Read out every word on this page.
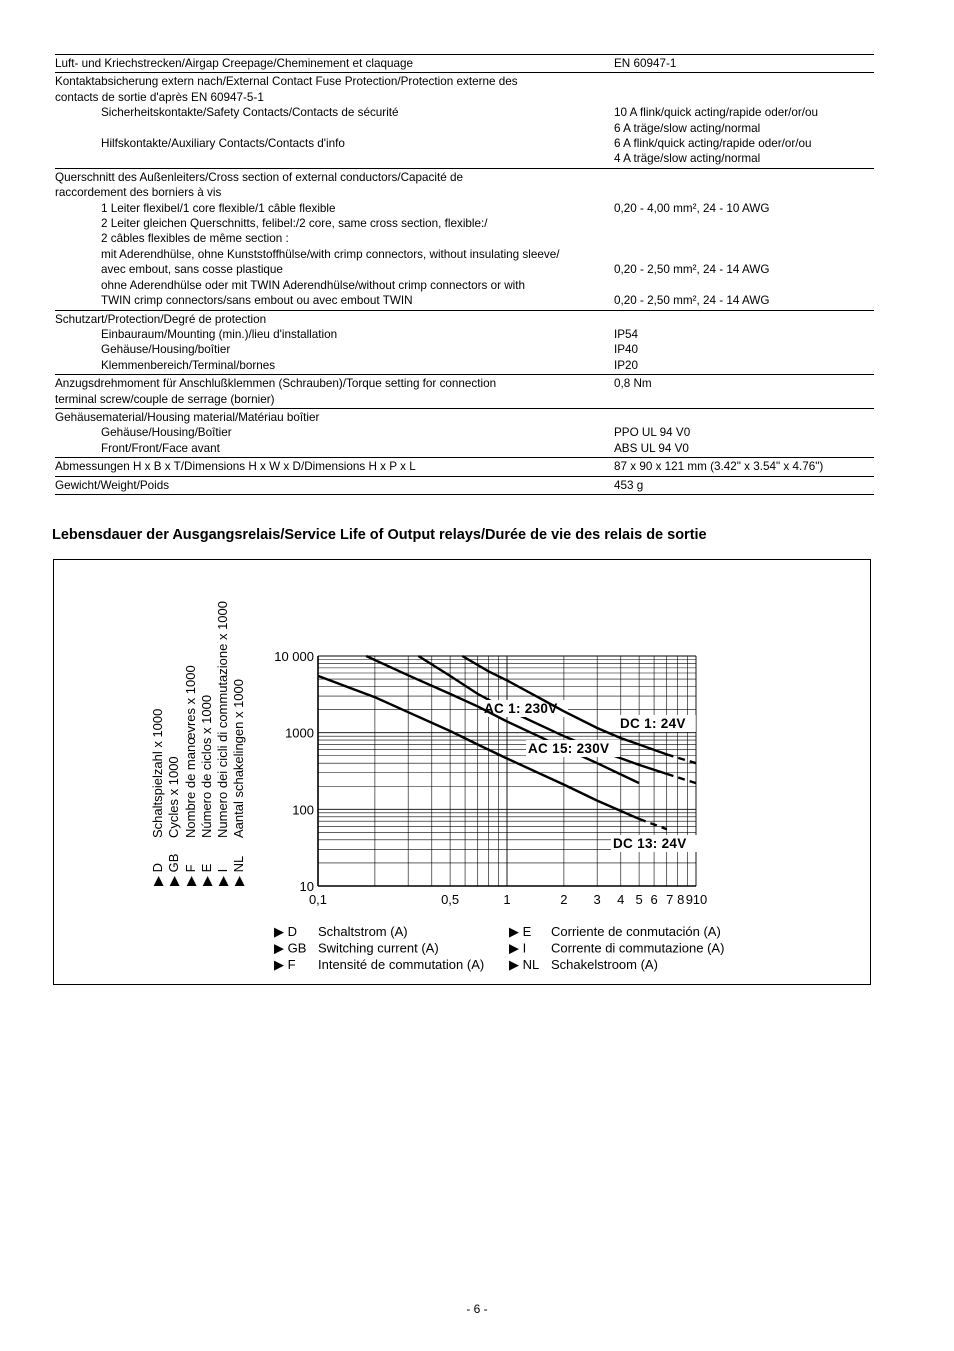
Luft- und Kriechstrecken/Airgap Creepage/Cheminement et claquage	EN 60947-1
Kontaktabsicherung extern nach/External Contact Fuse Protection/Protection externe des
contacts de sortie d'après EN 60947-5-1
Sicherheitskontakte/Safety Contacts/Contacts de sécurité	10 A flink/quick acting/rapide oder/or/ou
6 A träge/slow acting/normal
Hilfskontakte/Auxiliary Contacts/Contacts d'info	6 A flink/quick acting/rapide oder/or/ou
4 A träge/slow acting/normal
Querschnitt des Außenleiters/Cross section of external conductors/Capacité de
raccordement des borniers à vis
1 Leiter flexibel/1 core flexible/1 câble flexible	0,20 - 4,00 mm², 24 - 10 AWG
2 Leiter gleichen Querschnitts, felibel:/2 core, same cross section, flexible:/
2 câbles flexibles de même section :
mit Aderendhülse, ohne Kunststoffhülse/with crimp connectors, without insulating sleeve/
avec embout, sans cosse plastique	0,20 - 2,50 mm², 24 - 14 AWG
ohne Aderendhülse oder mit TWIN Aderendhülse/without crimp connectors or with
TWIN crimp connectors/sans embout ou avec embout TWIN	0,20 - 2,50 mm², 24 - 14 AWG
Schutzart/Protection/Degré de protection
Einbauraum/Mounting (min.)/lieu d'installation	IP54
Gehäuse/Housing/boîtier	IP40
Klemmenbereich/Terminal/bornes	IP20
Anzugsdrehmoment für Anschlußklemmen (Schrauben)/Torque setting for connection	0,8 Nm
terminal screw/couple de serrage (bornier)
Gehäusematerial/Housing material/Matériau boîtier
Gehäuse/Housing/Boîtier	PPO UL 94 V0
Front/Front/Face avant	ABS UL 94 V0
Abmessungen H x B x T/Dimensions H x W x D/Dimensions H x P x L	87 x 90 x 121 mm (3.42" x 3.54" x 4.76")
Gewicht/Weight/Poids	453 g
Lebensdauer der Ausgangsrelais/Service Life of Output relays/Durée de vie des relais de sortie
10
100
1000
10 000
0,1	0,5	1	2 3 4 5 6 7 8 9 10
AC 1: 230V
DC 1: 24V
AC 15: 230V
DC 13: 24V
▶ D
Schaltspielzahl x 1000
▶ GB
Cycles x 1000
▶ F
Nombre de manœvres x 1000
▶ E
Número de ciclos x 1000
▶ I
Numero dei cicli di commutazione x 1000
▶ NL
Aantal schakelingen x 1000
▶ D Schaltstrom (A)
▶ GB Switching current (A)
▶ F Intensité de commutation (A)
▶ E Corriente de conmutación (A)
▶ I Corrente di commutazione (A)
▶ NL Schakelstroom (A)
- 6 -
